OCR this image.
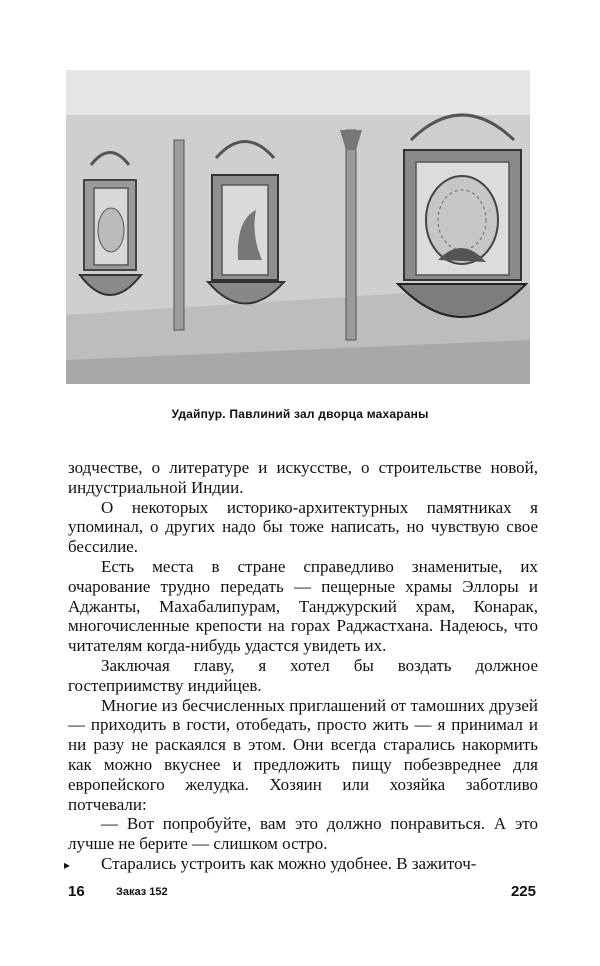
Удайпур. Павлиний зал дворца махараны

зодчестве, о литературе и искусстве, о строительстве новой, индустриальной Индии.

О некоторых историко-архитектурных памятниках я упоминал, о других надо бы тоже написать, но чувствую свое бессилие.

Есть места в стране справедливо знаменитые, их очарование трудно передать — пещерные храмы Эллоры и Аджанты, Махабалипурам, Танджурский храм, Конарак, многочисленные крепости на горах Раджастхана. Надеюсь, что читателям когда-нибудь удастся увидеть их.

Заключая главу, я хотел бы воздать должное гостеприимству индийцев.

Многие из бесчисленных приглашений от тамошних друзей — приходить в гости, отобедать, просто жить — я принимал и ни разу не раскаялся в этом. Они всегда старались накормить как можно вкуснее и предложить пищу побезвреднее для европейского желудка. Хозяин или хозяйка заботливо потчевали:

— Вот попробуйте, вам это должно понравиться. А это лучше не берите — слишком остро.

Старались устроить как можно удобнее. В зажиточ-

▸
16	Заказ 152	225
